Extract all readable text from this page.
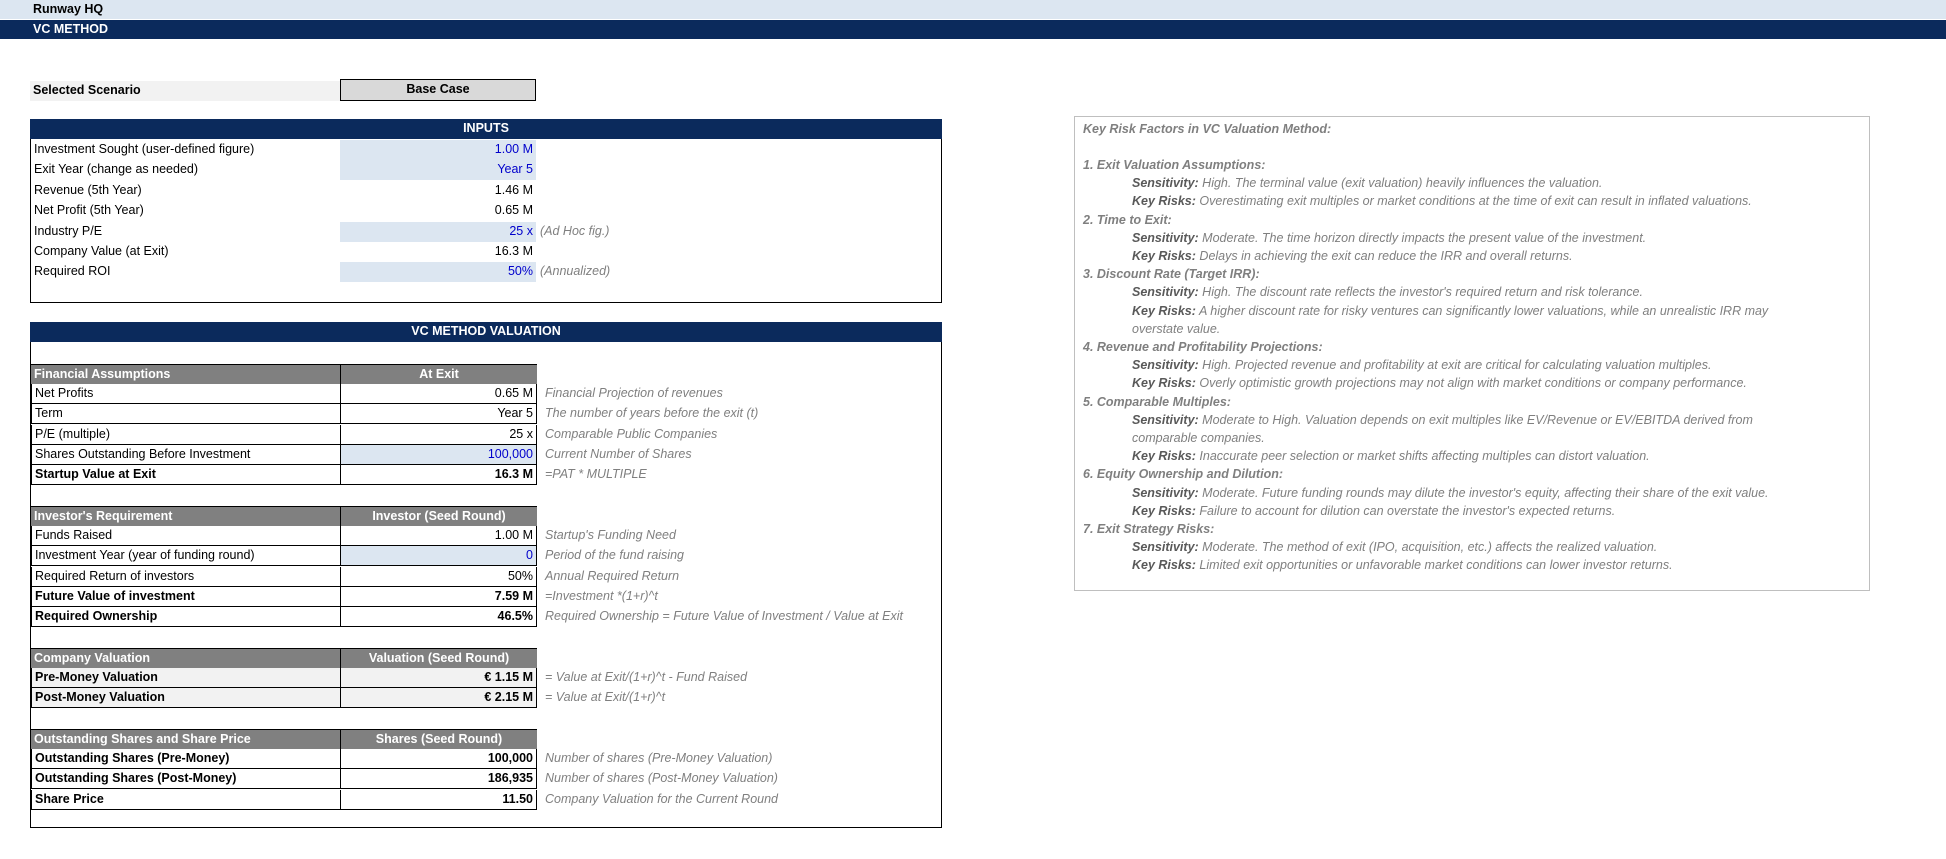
Runway HQ
VC METHOD
Selected Scenario	Base Case
INPUTS
Investment Sought (user-defined figure)	1.00 M
Exit Year (change as needed)	Year 5
Revenue (5th Year)	1.46 M
Net Profit (5th Year)	0.65 M
Industry P/E	25 x (Ad Hoc fig.)
Company Value (at Exit)	16.3 M
Required ROI	50% (Annualized)
VC METHOD VALUATION
Financial Assumptions	At Exit
Net Profits	0.65 M Financial Projection of revenues
Term	Year 5 The number of years before the exit (t)
P/E (multiple)	25 x Comparable Public Companies
Shares Outstanding Before Investment	100,000 Current Number of Shares
Startup Value at Exit	16.3 M =PAT * MULTIPLE
Investor's Requirement	Investor (Seed Round)
Funds Raised	1.00 M Startup's Funding Need
Investment Year (year of funding round)	0 Period of the fund raising
Required Return of investors	50% Annual Required Return
Future Value of investment	7.59 M =Investment *(1+r)^t
Required Ownership	46.5% Required Ownership = Future Value of Investment / Value at Exit
Company Valuation	Valuation (Seed Round)
Pre-Money Valuation	€ 1.15 M = Value at Exit/(1+r)^t - Fund Raised
Post-Money Valuation	€ 2.15 M = Value at Exit/(1+r)^t
Outstanding Shares and Share Price	Shares (Seed Round)
Outstanding Shares (Pre-Money)	100,000 Number of shares (Pre-Money Valuation)
Outstanding Shares (Post-Money)	186,935 Number of shares (Post-Money Valuation)
Share Price	11.50 Company Valuation for the Current Round
Key Risk Factors in VC Valuation Method:
1. Exit Valuation Assumptions:
Sensitivity: High. The terminal value (exit valuation) heavily influences the valuation.
Key Risks: Overestimating exit multiples or market conditions at the time of exit can result in inflated valuations.
2. Time to Exit:
Sensitivity: Moderate. The time horizon directly impacts the present value of the investment.
Key Risks: Delays in achieving the exit can reduce the IRR and overall returns.
3. Discount Rate (Target IRR):
Sensitivity: High. The discount rate reflects the investor's required return and risk tolerance.
Key Risks: A higher discount rate for risky ventures can significantly lower valuations, while an unrealistic IRR may
overstate value.
4. Revenue and Profitability Projections:
Sensitivity: High. Projected revenue and profitability at exit are critical for calculating valuation multiples.
Key Risks: Overly optimistic growth projections may not align with market conditions or company performance.
5. Comparable Multiples:
Sensitivity: Moderate to High. Valuation depends on exit multiples like EV/Revenue or EV/EBITDA derived from
comparable companies.
Key Risks: Inaccurate peer selection or market shifts affecting multiples can distort valuation.
6. Equity Ownership and Dilution:
Sensitivity: Moderate. Future funding rounds may dilute the investor's equity, affecting their share of the exit value.
Key Risks: Failure to account for dilution can overstate the investor's expected returns.
7. Exit Strategy Risks:
Sensitivity: Moderate. The method of exit (IPO, acquisition, etc.) affects the realized valuation.
Key Risks: Limited exit opportunities or unfavorable market conditions can lower investor returns.
